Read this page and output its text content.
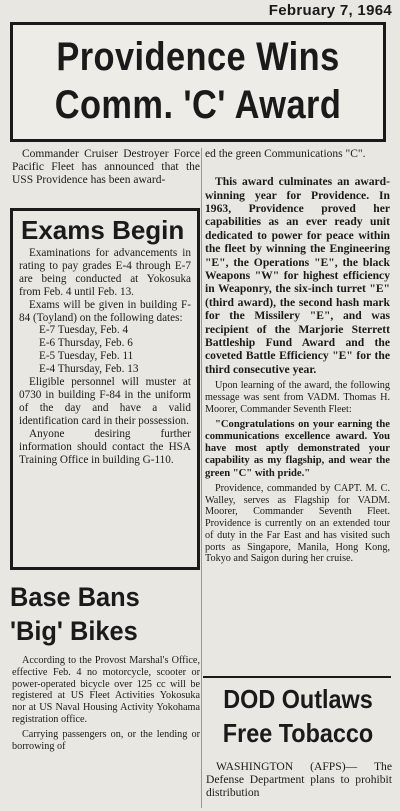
February 7, 1964
Providence Wins
Comm. 'C' Award

Commander Cruiser Destroyer Force Pacific Fleet has announced that the USS Providence has been award-

Exams Begin

Examinations for advancements in rating to pay grades E-4 through E-7 are being conducted at Yokosuka from Feb. 4 until Feb. 13.

Exams will be given in building F-84 (Toyland) on the following dates:

E-7 Tuesday, Feb. 4
E-6 Thursday, Feb. 6
E-5 Tuesday, Feb. 11
E-4 Thursday, Feb. 13

Eligible personnel will muster at 0730 in building F-84 in the uniform of the day and have a valid identification card in their possession.

Anyone desiring further information should contact the HSA Training Office in building G-110.

Base Bans
'Big' Bikes

According to the Provost Marshal's Office, effective Feb. 4 no motorcycle, scooter or power-operated bicycle over 125 cc will be registered at US Fleet Activities Yokosuka nor at US Naval Housing Activity Yokohama registration office.

Carrying passengers on, or the lending or borrowing of

ed the green Communications "C".

This award culminates an award-winning year for Providence. In 1963, Providence proved her capabilities as an ever ready unit dedicated to power for peace within the fleet by winning the Engineering "E", the Operations "E", the black Weapons "W" for highest efficiency in Weaponry, the six-inch turret "E" (third award), the second hash mark for the Missilery "E", and was recipient of the Marjorie Sterrett Battleship Fund Award and the coveted Battle Efficiency "E" for the third consecutive year.

Upon learning of the award, the following message was sent from VADM. Thomas H. Moorer, Commander Seventh Fleet:

"Congratulations on your earning the communications excellence award. You have most aptly demonstrated your capability as my flagship, and wear the green "C" with pride."

Providence, commanded by CAPT. M. C. Walley, serves as Flagship for VADM. Moorer, Commander Seventh Fleet. Providence is currently on an extended tour of duty in the Far East and has visited such ports as Singapore, Manila, Hong Kong, Tokyo and Saigon during her cruise.

DOD Outlaws
Free Tobacco

WASHINGTON (AFPS)— The Defense Department plans to prohibit distribution
